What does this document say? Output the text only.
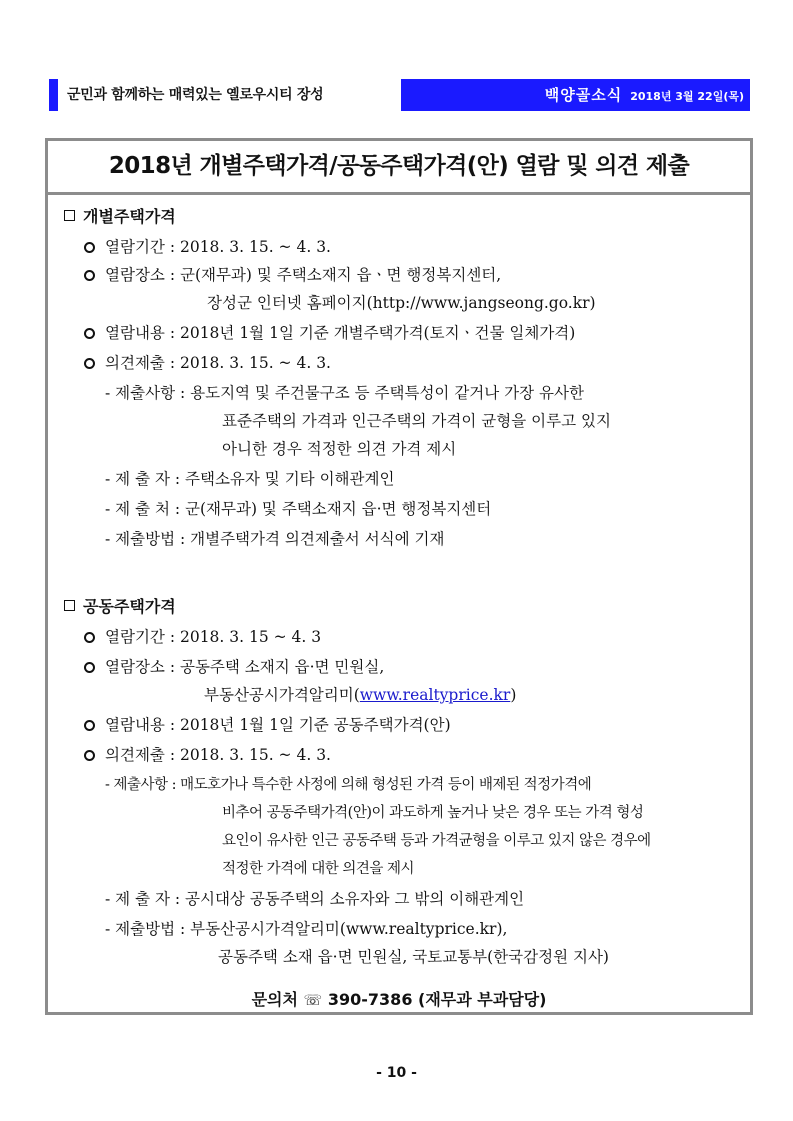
군민과 함께하는 매력있는 옐로우시티 장성	백양골소식 2018년 3월 22일(목)
2018년 개별주택가격/공동주택가격(안) 열람 및 의견 제출
개별주택가격
열람기간 : 2018. 3. 15. ~ 4. 3.
열람장소 : 군(재무과) 및 주택소재지 읍ㆍ면 행정복지센터,
장성군 인터넷 홈페이지(http://www.jangseong.go.kr)
열람내용 : 2018년 1월 1일 기준 개별주택가격(토지ㆍ건물 일체가격)
의견제출 : 2018. 3. 15. ~ 4. 3.
- 제출사항 : 용도지역 및 주건물구조 등 주택특성이 같거나 가장 유사한
표준주택의 가격과 인근주택의 가격이 균형을 이루고 있지
아니한 경우 적정한 의견 가격 제시
- 제 출 자 : 주택소유자 및 기타 이해관계인
- 제 출 처 : 군(재무과) 및 주택소재지 읍·면 행정복지센터
- 제출방법 : 개별주택가격 의견제출서 서식에 기재
공동주택가격
열람기간 : 2018. 3. 15 ~ 4. 3
열람장소 : 공동주택 소재지 읍·면 민원실,
부동산공시가격알리미(www.realtyprice.kr)
열람내용 : 2018년 1월 1일 기준 공동주택가격(안)
의견제출 : 2018. 3. 15. ~ 4. 3.
- 제출사항 : 매도호가나 특수한 사정에 의해 형성된 가격 등이 배제된 적정가격에
비추어 공동주택가격(안)이 과도하게 높거나 낮은 경우 또는 가격 형성
요인이 유사한 인근 공동주택 등과 가격균형을 이루고 있지 않은 경우에
적정한 가격에 대한 의견을 제시
- 제 출 자 : 공시대상 공동주택의 소유자와 그 밖의 이해관계인
- 제출방법 : 부동산공시가격알리미(www.realtyprice.kr),
공동주택 소재 읍·면 민원실, 국토교통부(한국감정원 지사)
문의처 ☏ 390-7386 (재무과 부과담당)
- 10 -
